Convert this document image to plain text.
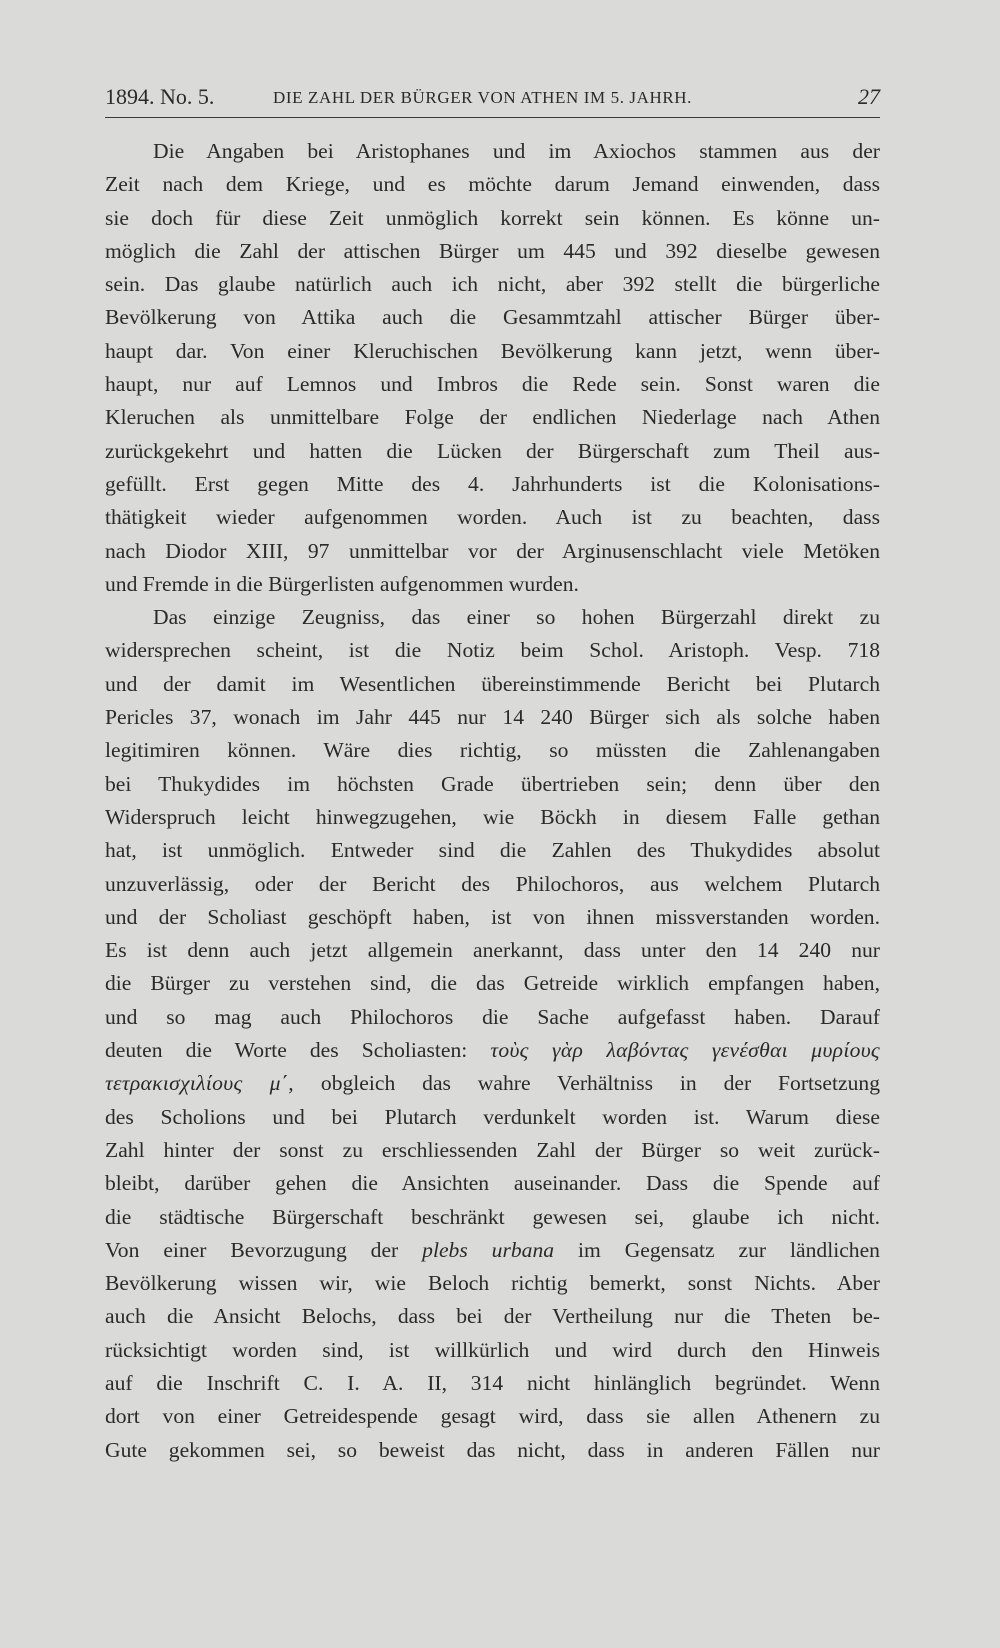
1894. No. 5.	DIE ZAHL DER BÜRGER VON ATHEN IM 5. JAHRH.	27
Die Angaben bei Aristophanes und im Axiochos stammen aus der
Zeit nach dem Kriege, und es möchte darum Jemand einwenden, dass
sie doch für diese Zeit unmöglich korrekt sein können. Es könne un-
möglich die Zahl der attischen Bürger um 445 und 392 dieselbe gewesen
sein. Das glaube natürlich auch ich nicht, aber 392 stellt die bürgerliche
Bevölkerung von Attika auch die Gesammtzahl attischer Bürger über-
haupt dar. Von einer Kleruchischen Bevölkerung kann jetzt, wenn über-
haupt, nur auf Lemnos und Imbros die Rede sein. Sonst waren die
Kleruchen als unmittelbare Folge der endlichen Niederlage nach Athen
zurückgekehrt und hatten die Lücken der Bürgerschaft zum Theil aus-
gefüllt. Erst gegen Mitte des 4. Jahrhunderts ist die Kolonisations-
thätigkeit wieder aufgenommen worden. Auch ist zu beachten, dass
nach Diodor XIII, 97 unmittelbar vor der Arginusenschlacht viele Metöken
und Fremde in die Bürgerlisten aufgenommen wurden.
Das einzige Zeugniss, das einer so hohen Bürgerzahl direkt zu
widersprechen scheint, ist die Notiz beim Schol. Aristoph. Vesp. 718
und der damit im Wesentlichen übereinstimmende Bericht bei Plutarch
Pericles 37, wonach im Jahr 445 nur 14 240 Bürger sich als solche haben
legitimiren können. Wäre dies richtig, so müssten die Zahlenangaben
bei Thukydides im höchsten Grade übertrieben sein; denn über den
Widerspruch leicht hinwegzugehen, wie Böckh in diesem Falle gethan
hat, ist unmöglich. Entweder sind die Zahlen des Thukydides absolut
unzuverlässig, oder der Bericht des Philochoros, aus welchem Plutarch
und der Scholiast geschöpft haben, ist von ihnen missverstanden worden.
Es ist denn auch jetzt allgemein anerkannt, dass unter den 14 240 nur
die Bürger zu verstehen sind, die das Getreide wirklich empfangen haben,
und so mag auch Philochoros die Sache aufgefasst haben. Darauf
deuten die Worte des Scholiasten: τοὺς γὰρ λαβόντας γενέσθαι μυρίους
τετρακισχιλίους μ΄, obgleich das wahre Verhältniss in der Fortsetzung
des Scholions und bei Plutarch verdunkelt worden ist. Warum diese
Zahl hinter der sonst zu erschliessenden Zahl der Bürger so weit zurück-
bleibt, darüber gehen die Ansichten auseinander. Dass die Spende auf
die städtische Bürgerschaft beschränkt gewesen sei, glaube ich nicht.
Von einer Bevorzugung der plebs urbana im Gegensatz zur ländlichen
Bevölkerung wissen wir, wie Beloch richtig bemerkt, sonst Nichts. Aber
auch die Ansicht Belochs, dass bei der Vertheilung nur die Theten be-
rücksichtigt worden sind, ist willkürlich und wird durch den Hinweis
auf die Inschrift C. I. A. II, 314 nicht hinlänglich begründet. Wenn
dort von einer Getreidespende gesagt wird, dass sie allen Athenern zu
Gute gekommen sei, so beweist das nicht, dass in anderen Fällen nur
